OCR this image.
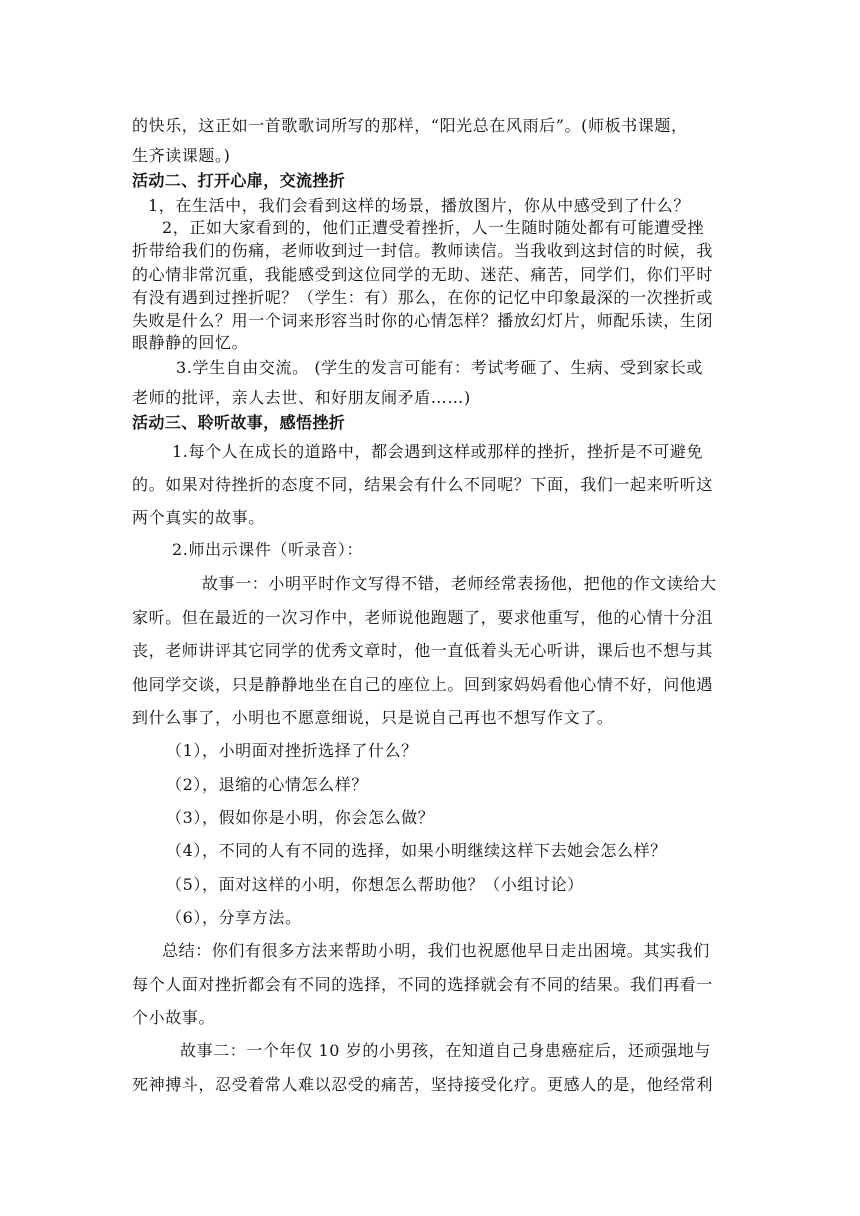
的快乐，这正如一首歌歌词所写的那样，“阳光总在风雨后”。(师板书课题，
生齐读课题。)
活动二、打开心扉，交流挫折
1，在生活中，我们会看到这样的场景，播放图片，你从中感受到了什么？
2，正如大家看到的，他们正遭受着挫折，人一生随时随处都有可能遭受挫
折带给我们的伤痛，老师收到过一封信。教师读信。当我收到这封信的时候，我
的心情非常沉重，我能感受到这位同学的无助、迷茫、痛苦，同学们，你们平时
有没有遇到过挫折呢？（学生：有）那么，在你的记忆中印象最深的一次挫折或
失败是什么？用一个词来形容当时你的心情怎样？播放幻灯片，师配乐读，生闭
眼静静的回忆。
3.学生自由交流。 (学生的发言可能有：考试考砸了、生病、受到家长或
老师的批评，亲人去世、和好朋友闹矛盾……)
活动三、聆听故事，感悟挫折
1.每个人在成长的道路中，都会遇到这样或那样的挫折，挫折是不可避免
的。如果对待挫折的态度不同，结果会有什么不同呢？下面，我们一起来听听这
两个真实的故事。
2.师出示课件（听录音）：
故事一：小明平时作文写得不错，老师经常表扬他，把他的作文读给大
家听。但在最近的一次习作中，老师说他跑题了，要求他重写，他的心情十分沮
丧，老师讲评其它同学的优秀文章时，他一直低着头无心听讲，课后也不想与其
他同学交谈，只是静静地坐在自己的座位上。回到家妈妈看他心情不好，问他遇
到什么事了，小明也不愿意细说，只是说自己再也不想写作文了。
（1），小明面对挫折选择了什么？
（2），退缩的心情怎么样？
（3），假如你是小明，你会怎么做？
（4），不同的人有不同的选择，如果小明继续这样下去她会怎么样？
（5），面对这样的小明，你想怎么帮助他？（小组讨论）
（6），分享方法。
总结：你们有很多方法来帮助小明，我们也祝愿他早日走出困境。其实我们
每个人面对挫折都会有不同的选择，不同的选择就会有不同的结果。我们再看一
个小故事。
故事二：一个年仅 10 岁的小男孩，在知道自己身患癌症后，还顽强地与
死神搏斗，忍受着常人难以忍受的痛苦，坚持接受化疗。更感人的是，他经常利
